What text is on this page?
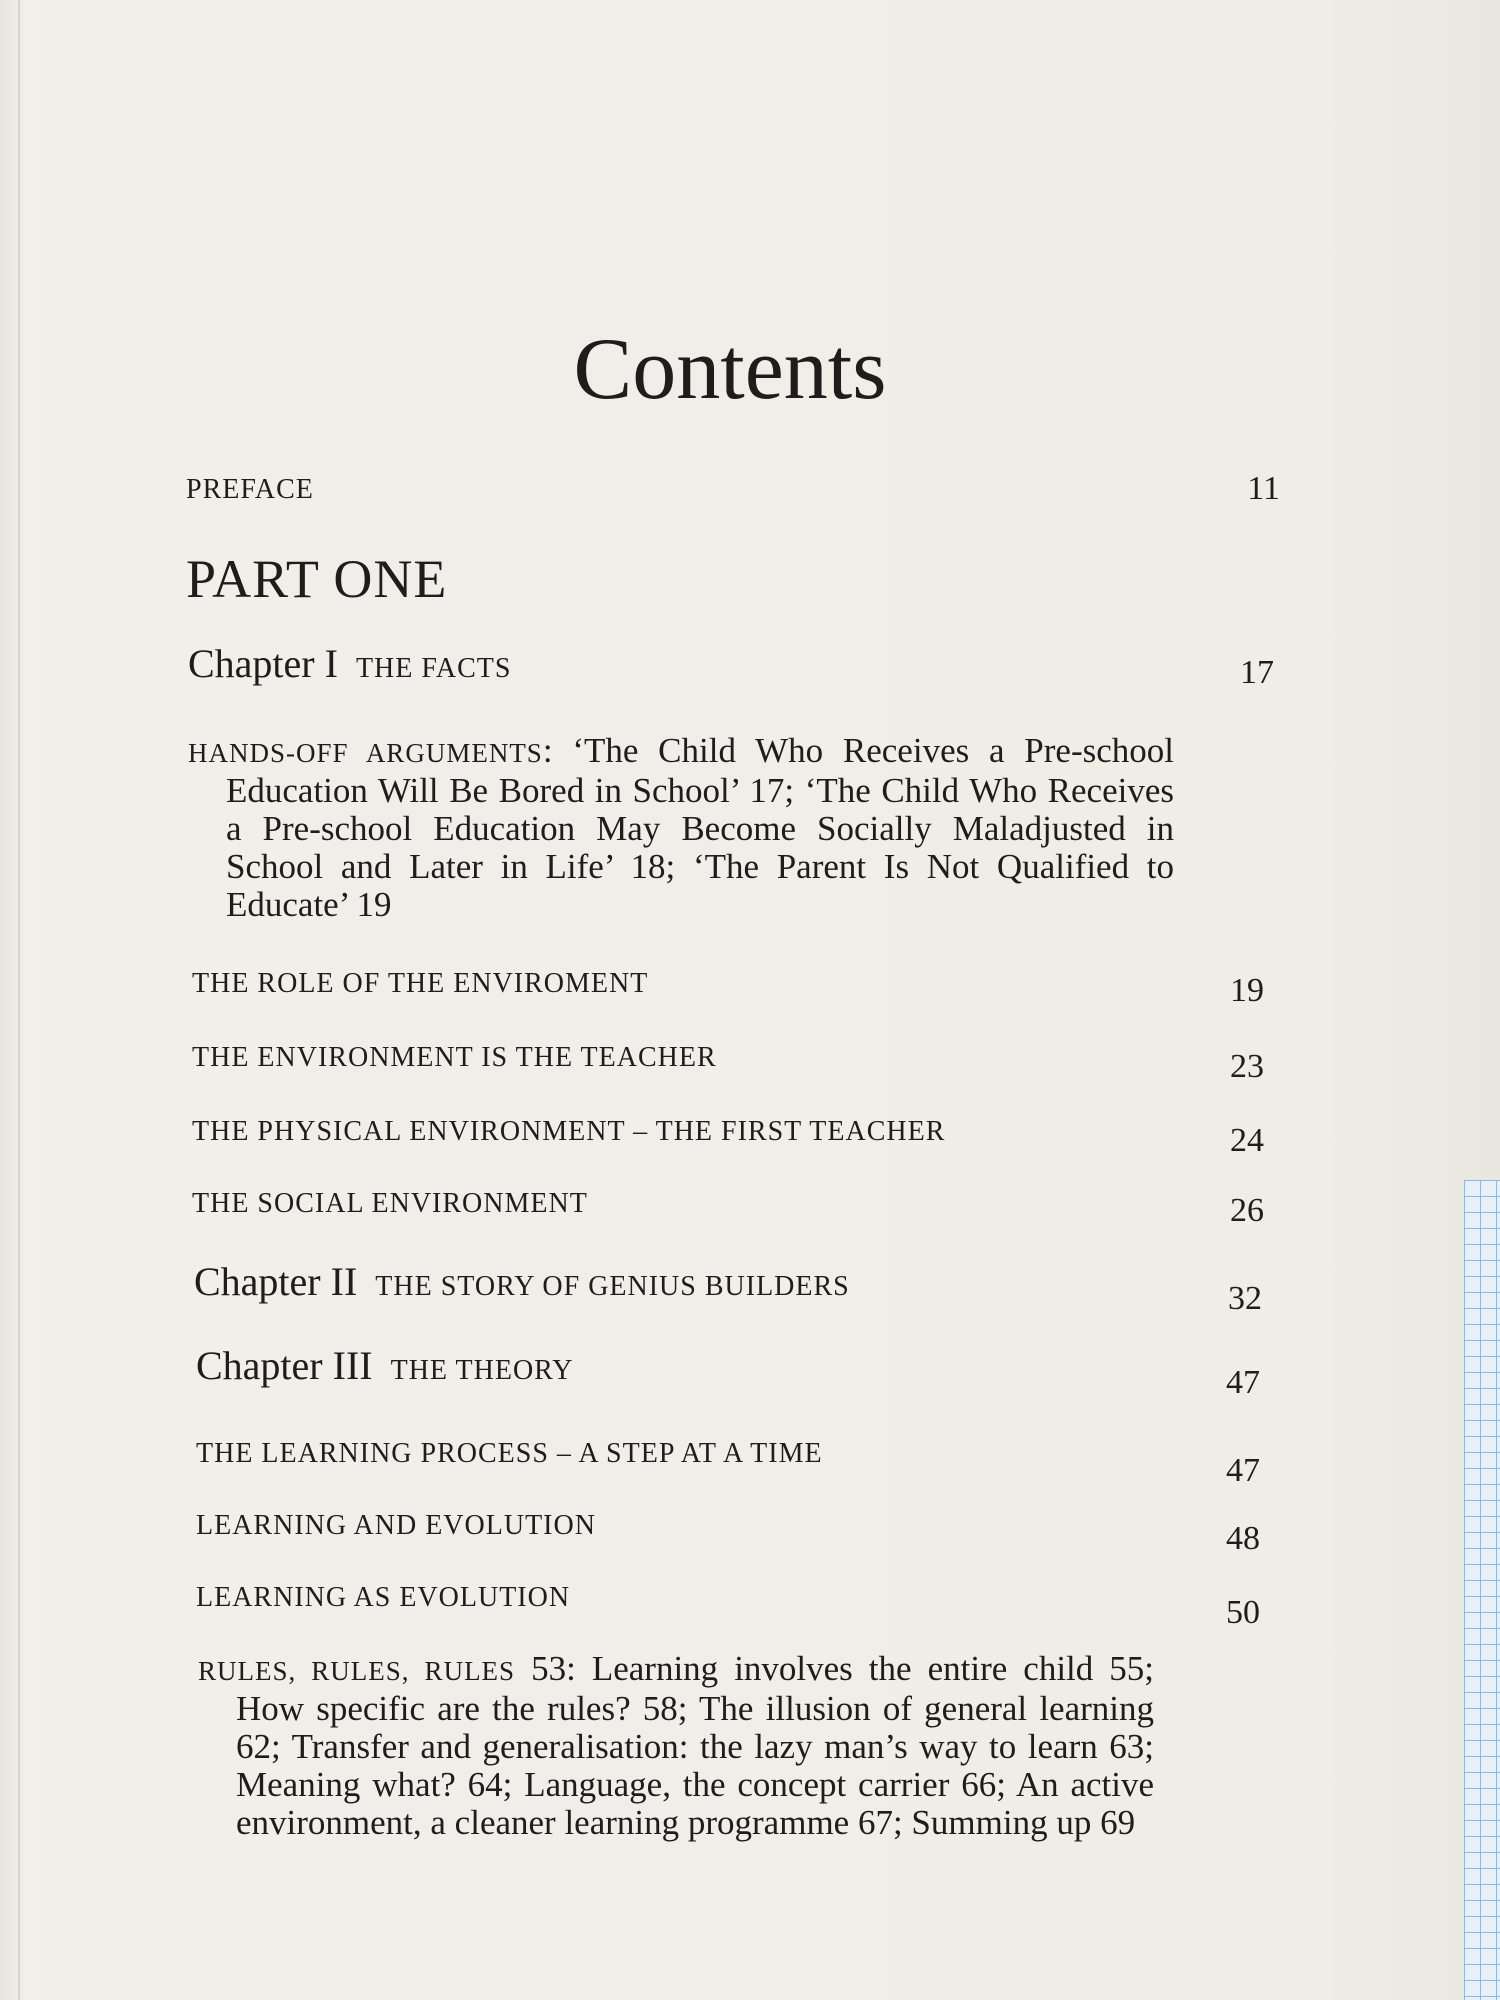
Contents
PREFACE	11
PART ONE
Chapter I THE FACTS	17
HANDS-OFF ARGUMENTS: ‘The Child Who Receives a Pre-school Education Will Be Bored in School’ 17; ‘The Child Who Receives a Pre-school Education May Become Socially Maladjusted in School and Later in Life’ 18; ‘The Parent Is Not Qualified to Educate’ 19
THE ROLE OF THE ENVIROMENT	19
THE ENVIRONMENT IS THE TEACHER	23
THE PHYSICAL ENVIRONMENT – THE FIRST TEACHER	24
THE SOCIAL ENVIRONMENT	26
Chapter II THE STORY OF GENIUS BUILDERS	32
Chapter III THE THEORY	47
THE LEARNING PROCESS – A STEP AT A TIME	47
LEARNING AND EVOLUTION	48
LEARNING AS EVOLUTION	50
RULES, RULES, RULES 53: Learning involves the entire child 55; How specific are the rules? 58; The illusion of general learning 62; Transfer and generalisation: the lazy man’s way to learn 63; Meaning what? 64; Language, the concept carrier 66; An active environment, a cleaner learning programme 67; Summing up 69
